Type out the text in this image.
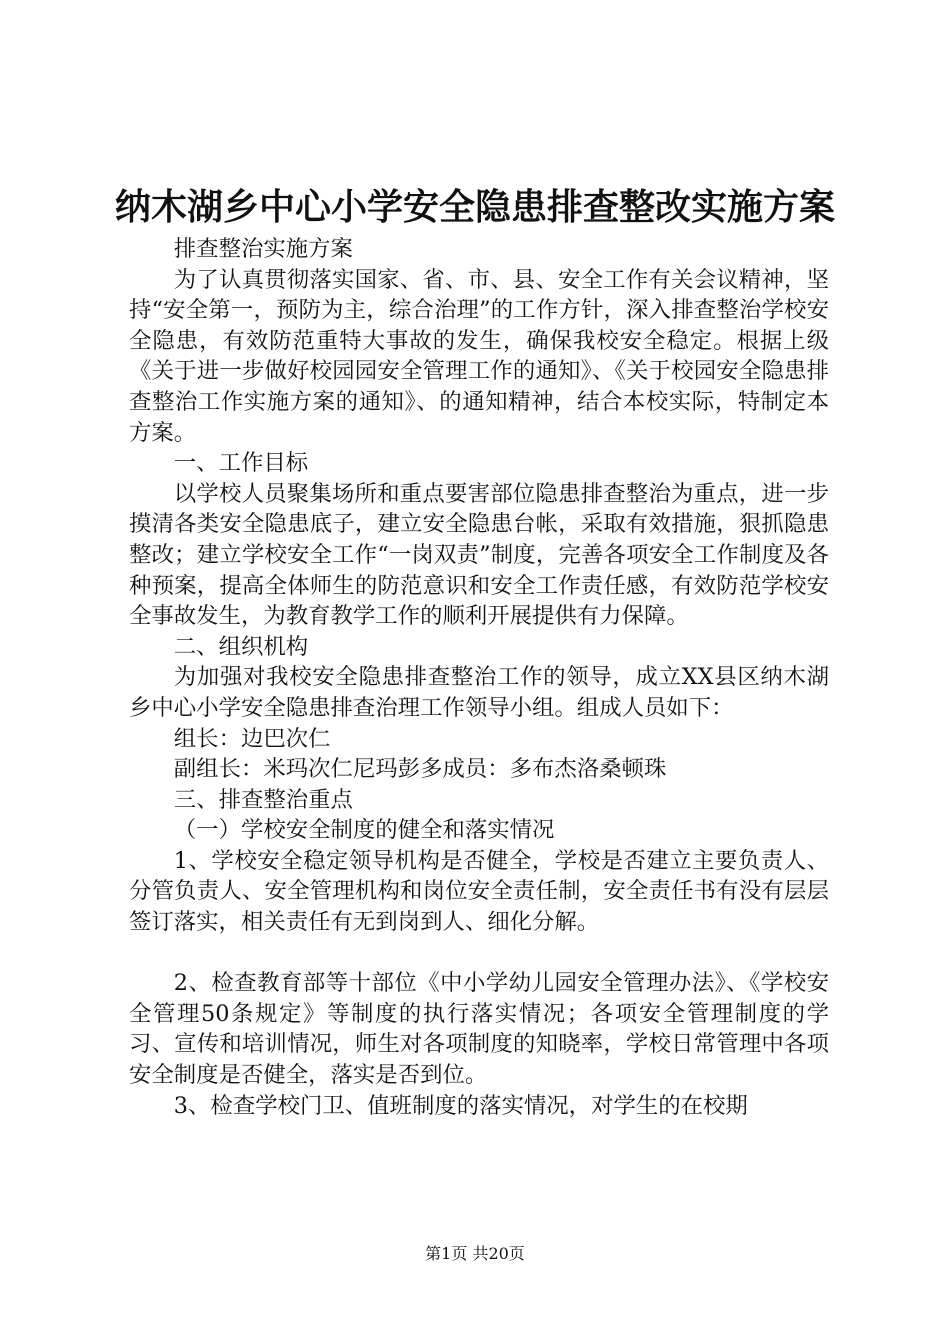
纳木湖乡中心小学安全隐患排查整改实施方案

排查整治实施方案

为了认真贯彻落实国家、省、市、县、安全工作有关会议精神，坚持“安全第一，预防为主，综合治理”的工作方针，深入排查整治学校安全隐患，有效防范重特大事故的发生，确保我校安全稳定。根据上级《关于进一步做好校园园安全管理工作的通知》、《关于校园安全隐患排查整治工作实施方案的通知》、的通知精神，结合本校实际，特制定本方案。

一、工作目标

以学校人员聚集场所和重点要害部位隐患排查整治为重点，进一步摸清各类安全隐患底子，建立安全隐患台帐，采取有效措施，狠抓隐患整改；建立学校安全工作“一岗双责”制度，完善各项安全工作制度及各种预案，提高全体师生的防范意识和安全工作责任感，有效防范学校安全事故发生，为教育教学工作的顺利开展提供有力保障。

二、组织机构

为加强对我校安全隐患排查整治工作的领导，成立XX县区纳木湖乡中心小学安全隐患排查治理工作领导小组。组成人员如下：

组长：边巴次仁

副组长：米玛次仁尼玛彭多成员：多布杰洛桑顿珠

三、排查整治重点

（一）学校安全制度的健全和落实情况

1、学校安全稳定领导机构是否健全，学校是否建立主要负责人、分管负责人、安全管理机构和岗位安全责任制，安全责任书有没有层层签订落实，相关责任有无到岗到人、细化分解。

2、检查教育部等十部位《中小学幼儿园安全管理办法》、《学校安全管理50条规定》等制度的执行落实情况；各项安全管理制度的学习、宣传和培训情况，师生对各项制度的知晓率，学校日常管理中各项安全制度是否健全，落实是否到位。

3、检查学校门卫、值班制度的落实情况，对学生的在校期

第1页 共20页
